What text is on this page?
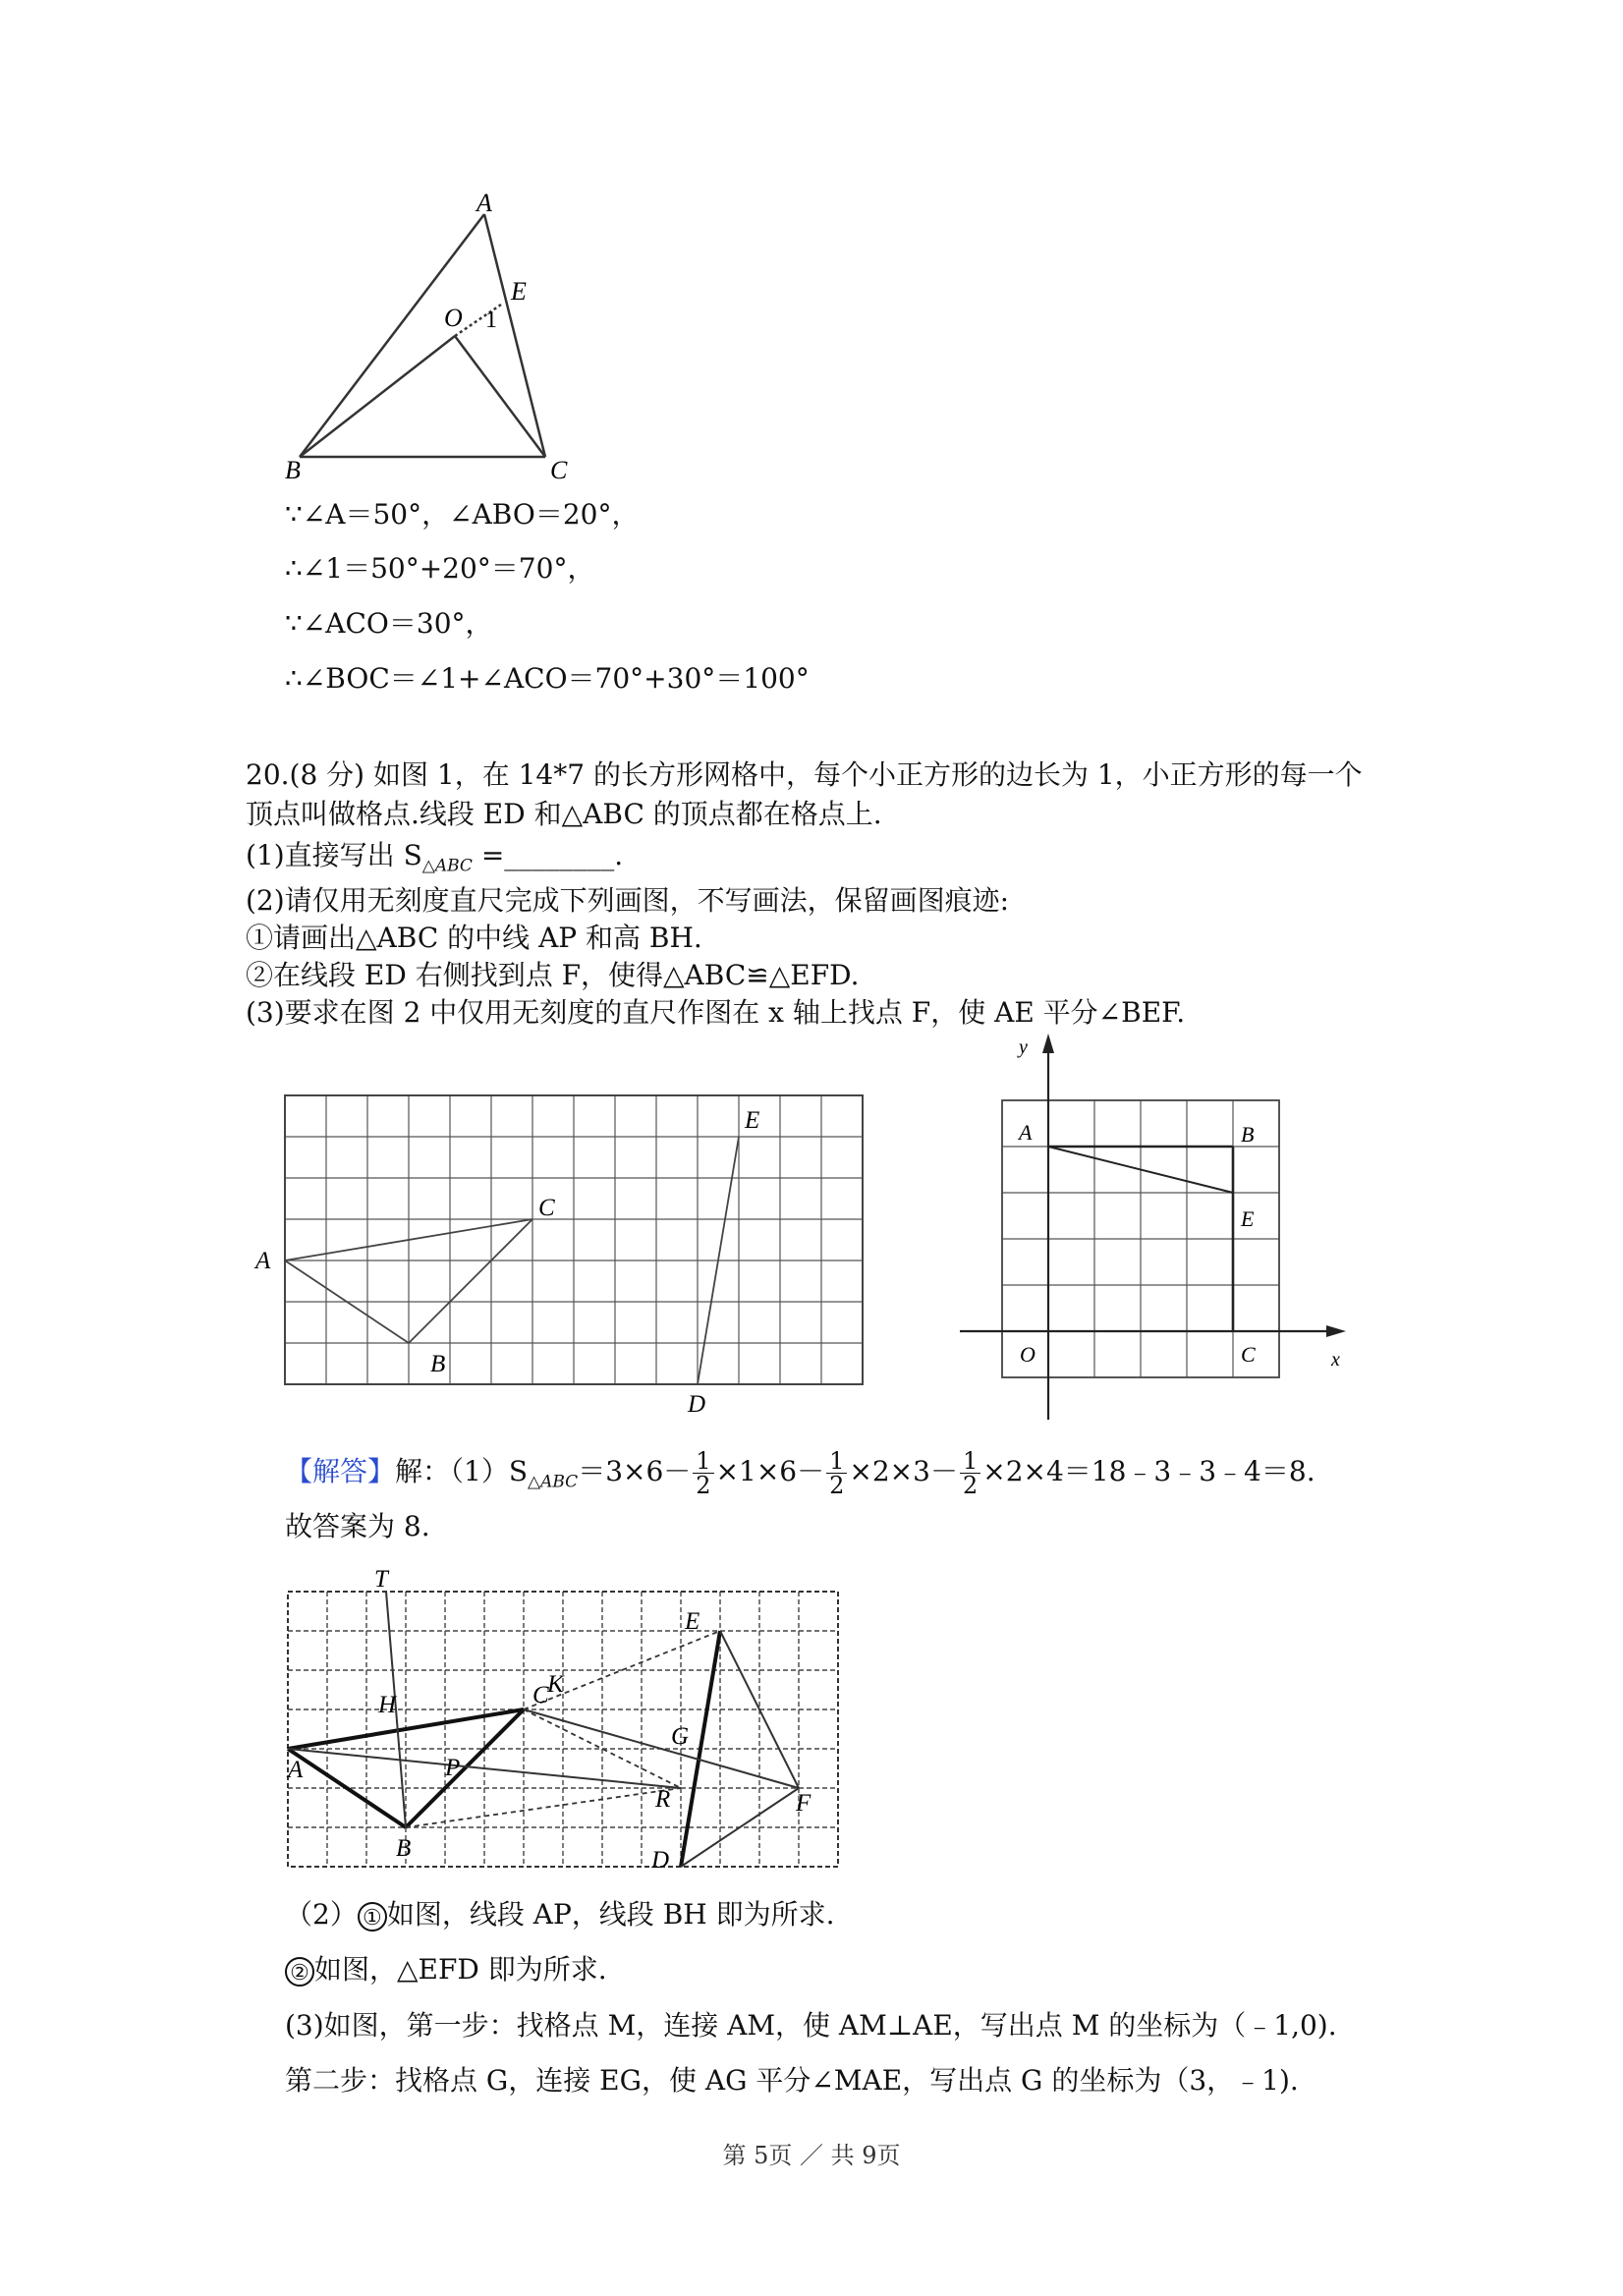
A
E
O 1
B	C
∵∠A＝50°，∠ABO＝20°，
∴∠1＝50°+20°＝70°，
∵∠ACO＝30°，
∴∠BOC＝∠1+∠ACO＝70°+30°＝100°
20.(8 分) 如图 1，在 14*7 的长方形网格中，每个小正方形的边长为 1，小正方形的每一个
顶点叫做格点.线段 ED 和△ABC 的顶点都在格点上.
(1)直接写出 $S_{\triangle ABC}$ =________.
(2)请仅用无刻度直尺完成下列画图，不写画法，保留画图痕迹:
①请画出△ABC 的中线 AP 和高 BH.
②在线段 ED 右侧找到点 F，使得△ABC≌△EFD.
(3)要求在图 2 中仅用无刻度的直尺作图在 x 轴上找点 F，使 AE 平分∠BEF.
E
C
A
B
D
y
A	B
E
O	C	x
【解答】解：$(1)S_{\triangle ABC}=3\times 6- \frac{1}{2} \times 1\times 6- \frac{1}{2} \times 2\times 3- \frac{1}{2}$ ×2×4＝18﹣3﹣3﹣4＝8.
故答案为 8.
T
E
H	C
K
G
A	P
R	F
B	D
（2） ① 如图，线段 AP，线段 BH 即为所求.
② 如图，△EFD 即为所求.
(3)如图，第一步：找格点 M，连接 AM，使 AM⊥AE，写出点 M 的坐标为（﹣1,0).
第二步：找格点 G，连接 EG，使 AG 平分∠MAE，写出点 G 的坐标为（3，﹣1).
第 5页 ／ 共 9页
